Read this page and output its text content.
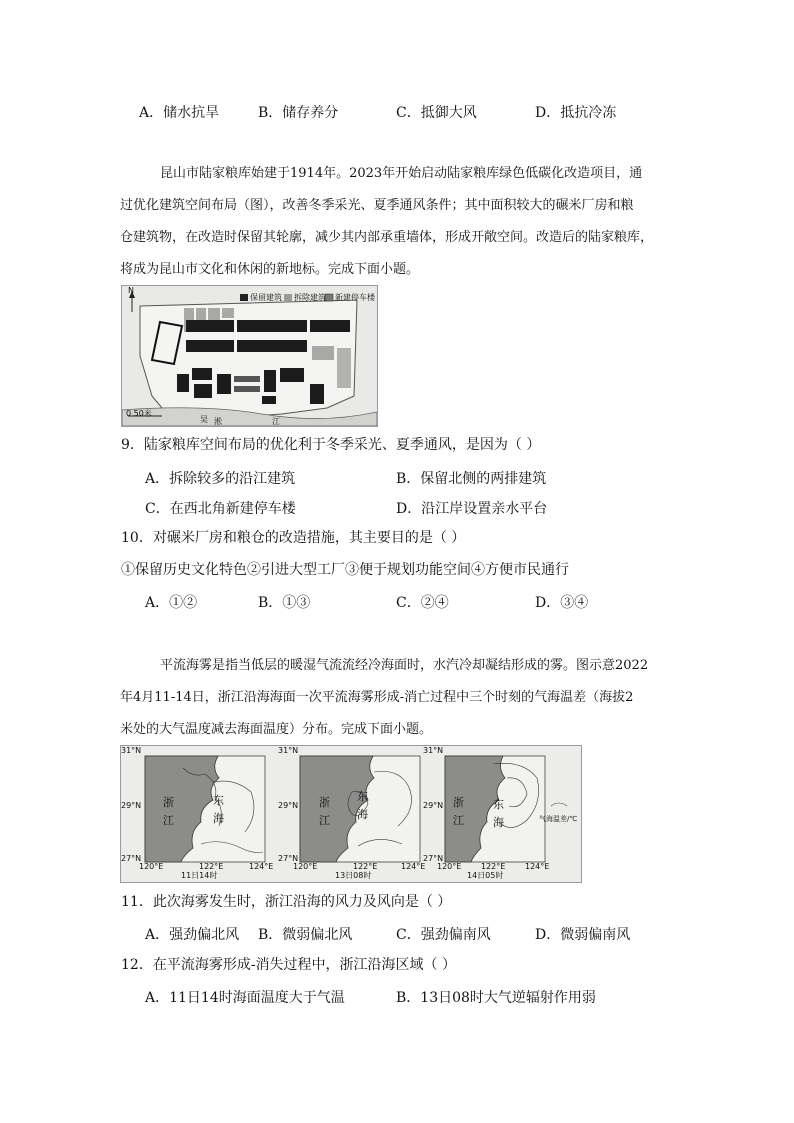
A．储水抗旱	B．储存养分	C．抵御大风	D．抵抗冷冻
昆山市陆家粮库始建于1914年。2023年开始启动陆家粮库绿色低碳化改造项目，通
过优化建筑空间布局（图），改善冬季采光、夏季通风条件；其中面积较大的碾米厂房和粮
仓建筑物，在改造时保留其轮廓，减少其内部承重墙体，形成开敞空间。改造后的陆家粮库，
将成为昆山市文化和休闲的新地标。完成下面小题。
N
保留建筑 拆除建筑 新建停车楼
0 50米
吴 淞	江
9．陆家粮库空间布局的优化利于冬季采光、夏季通风，是因为（ ）
A．拆除较多的沿江建筑	B．保留北侧的两排建筑
C．在西北角新建停车楼	D．沿江岸设置亲水平台
10．对碾米厂房和粮仓的改造措施，其主要目的是（ ）
①保留历史文化特色②引进大型工厂③便于规划功能空间④方便市民通行
A．①②	B．①③	C．②④	D．③④
平流海雾是指当低层的暖湿气流流经冷海面时，水汽冷却凝结形成的雾。图示意2022
年4月11-14日，浙江沿海海面一次平流海雾形成-消亡过程中三个时刻的气海温差（海拔2
米处的大气温度减去海面温度）分布。完成下面小题。
31°N
29°N
27°N
120°E	122°E	124°E
浙
江
东
海
11日14时
31°N
29°N
27°N
120°E	122°E	124°E
浙
江
东
海
13日08时
31°N
29°N
27°N
120°E 122°E 124°E
浙
江
东
海	气海温差/℃
14日05时
11．此次海雾发生时，浙江沿海的风力及风向是（ ）
A．强劲偏北风 B．微弱偏北风	C．强劲偏南风	D．微弱偏南风
12．在平流海雾形成-消失过程中，浙江沿海区域（ ）
A．11日14时海面温度大于气温	B．13日08时大气逆辐射作用弱
